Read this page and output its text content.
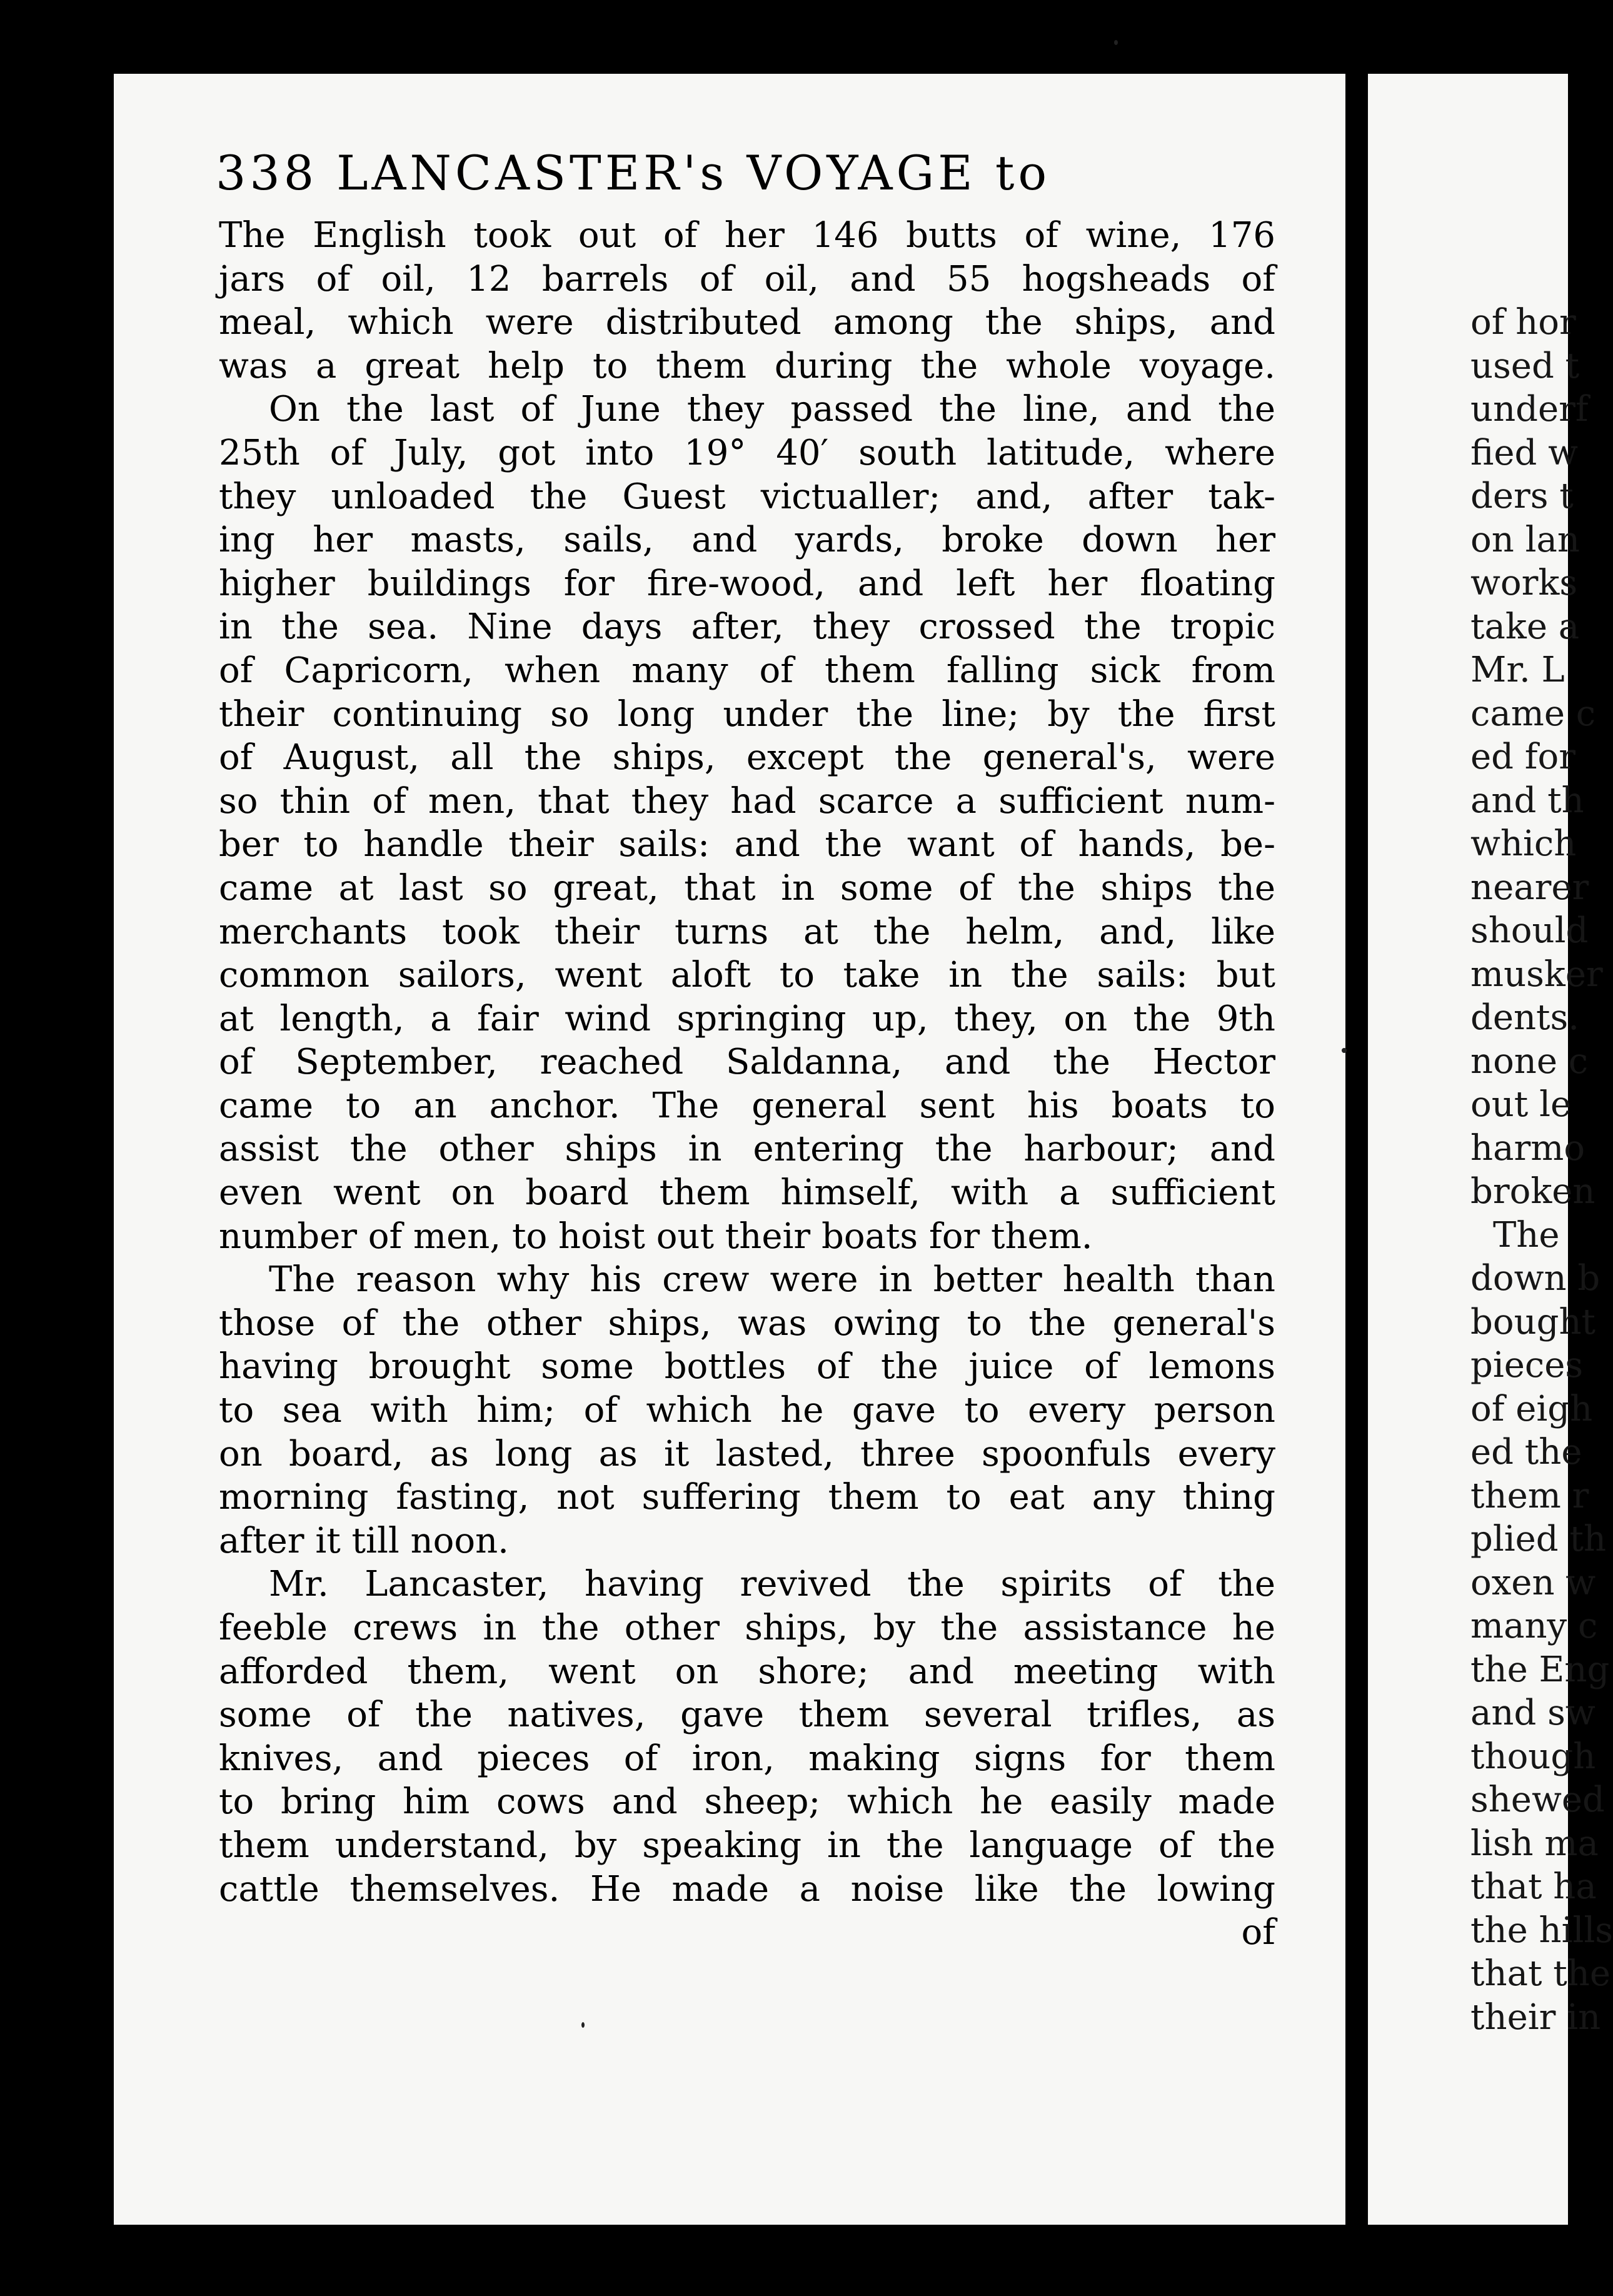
338 LANCASTER's VOYAGE to
The English took out of her 146 butts of wine, 176
jars of oil, 12 barrels of oil, and 55 hogsheads of
meal, which were distributed among the ships, and
was a great help to them during the whole voyage.
On the last of June they passed the line, and the
25th of July, got into 19° 40′ south latitude, where
they unloaded the Guest victualler; and, after tak-
ing her masts, sails, and yards, broke down her
higher buildings for fire-wood, and left her floating
in the sea. Nine days after, they crossed the tropic
of Capricorn, when many of them falling sick from
their continuing so long under the line; by the first
of August, all the ships, except the general's, were
so thin of men, that they had scarce a sufficient num-
ber to handle their sails: and the want of hands, be-
came at last so great, that in some of the ships the
merchants took their turns at the helm, and, like
common sailors, went aloft to take in the sails: but
at length, a fair wind springing up, they, on the 9th
of September, reached Saldanna, and the Hector
came to an anchor. The general sent his boats to
assist the other ships in entering the harbour; and
even went on board them himself, with a sufficient
number of men, to hoist out their boats for them.
The reason why his crew were in better health than
those of the other ships, was owing to the general's
having brought some bottles of the juice of lemons
to sea with him; of which he gave to every person
on board, as long as it lasted, three spoonfuls every
morning fasting, not suffering them to eat any thing
after it till noon.
Mr. Lancaster, having revived the spirits of the
feeble crews in the other ships, by the assistance he
afforded them, went on shore; and meeting with
some of the natives, gave them several trifles, as
knives, and pieces of iron, making signs for them
to bring him cows and sheep; which he easily made
them understand, by speaking in the language of the
cattle themselves. He made a noise like the lowing
of
of hor
used t
underf
fied w
ders t
on lan
works
take a
Mr. L
came c
ed for
and th
which
nearer
should
musker
dents.
none c
out le
harmo
broken
The
down b
bought
pieces
of eigh
ed the
them r
plied th
oxen w
many c
the Eng
and sw
though
shewed
lish ma
that ha
the hills
that the
their in
